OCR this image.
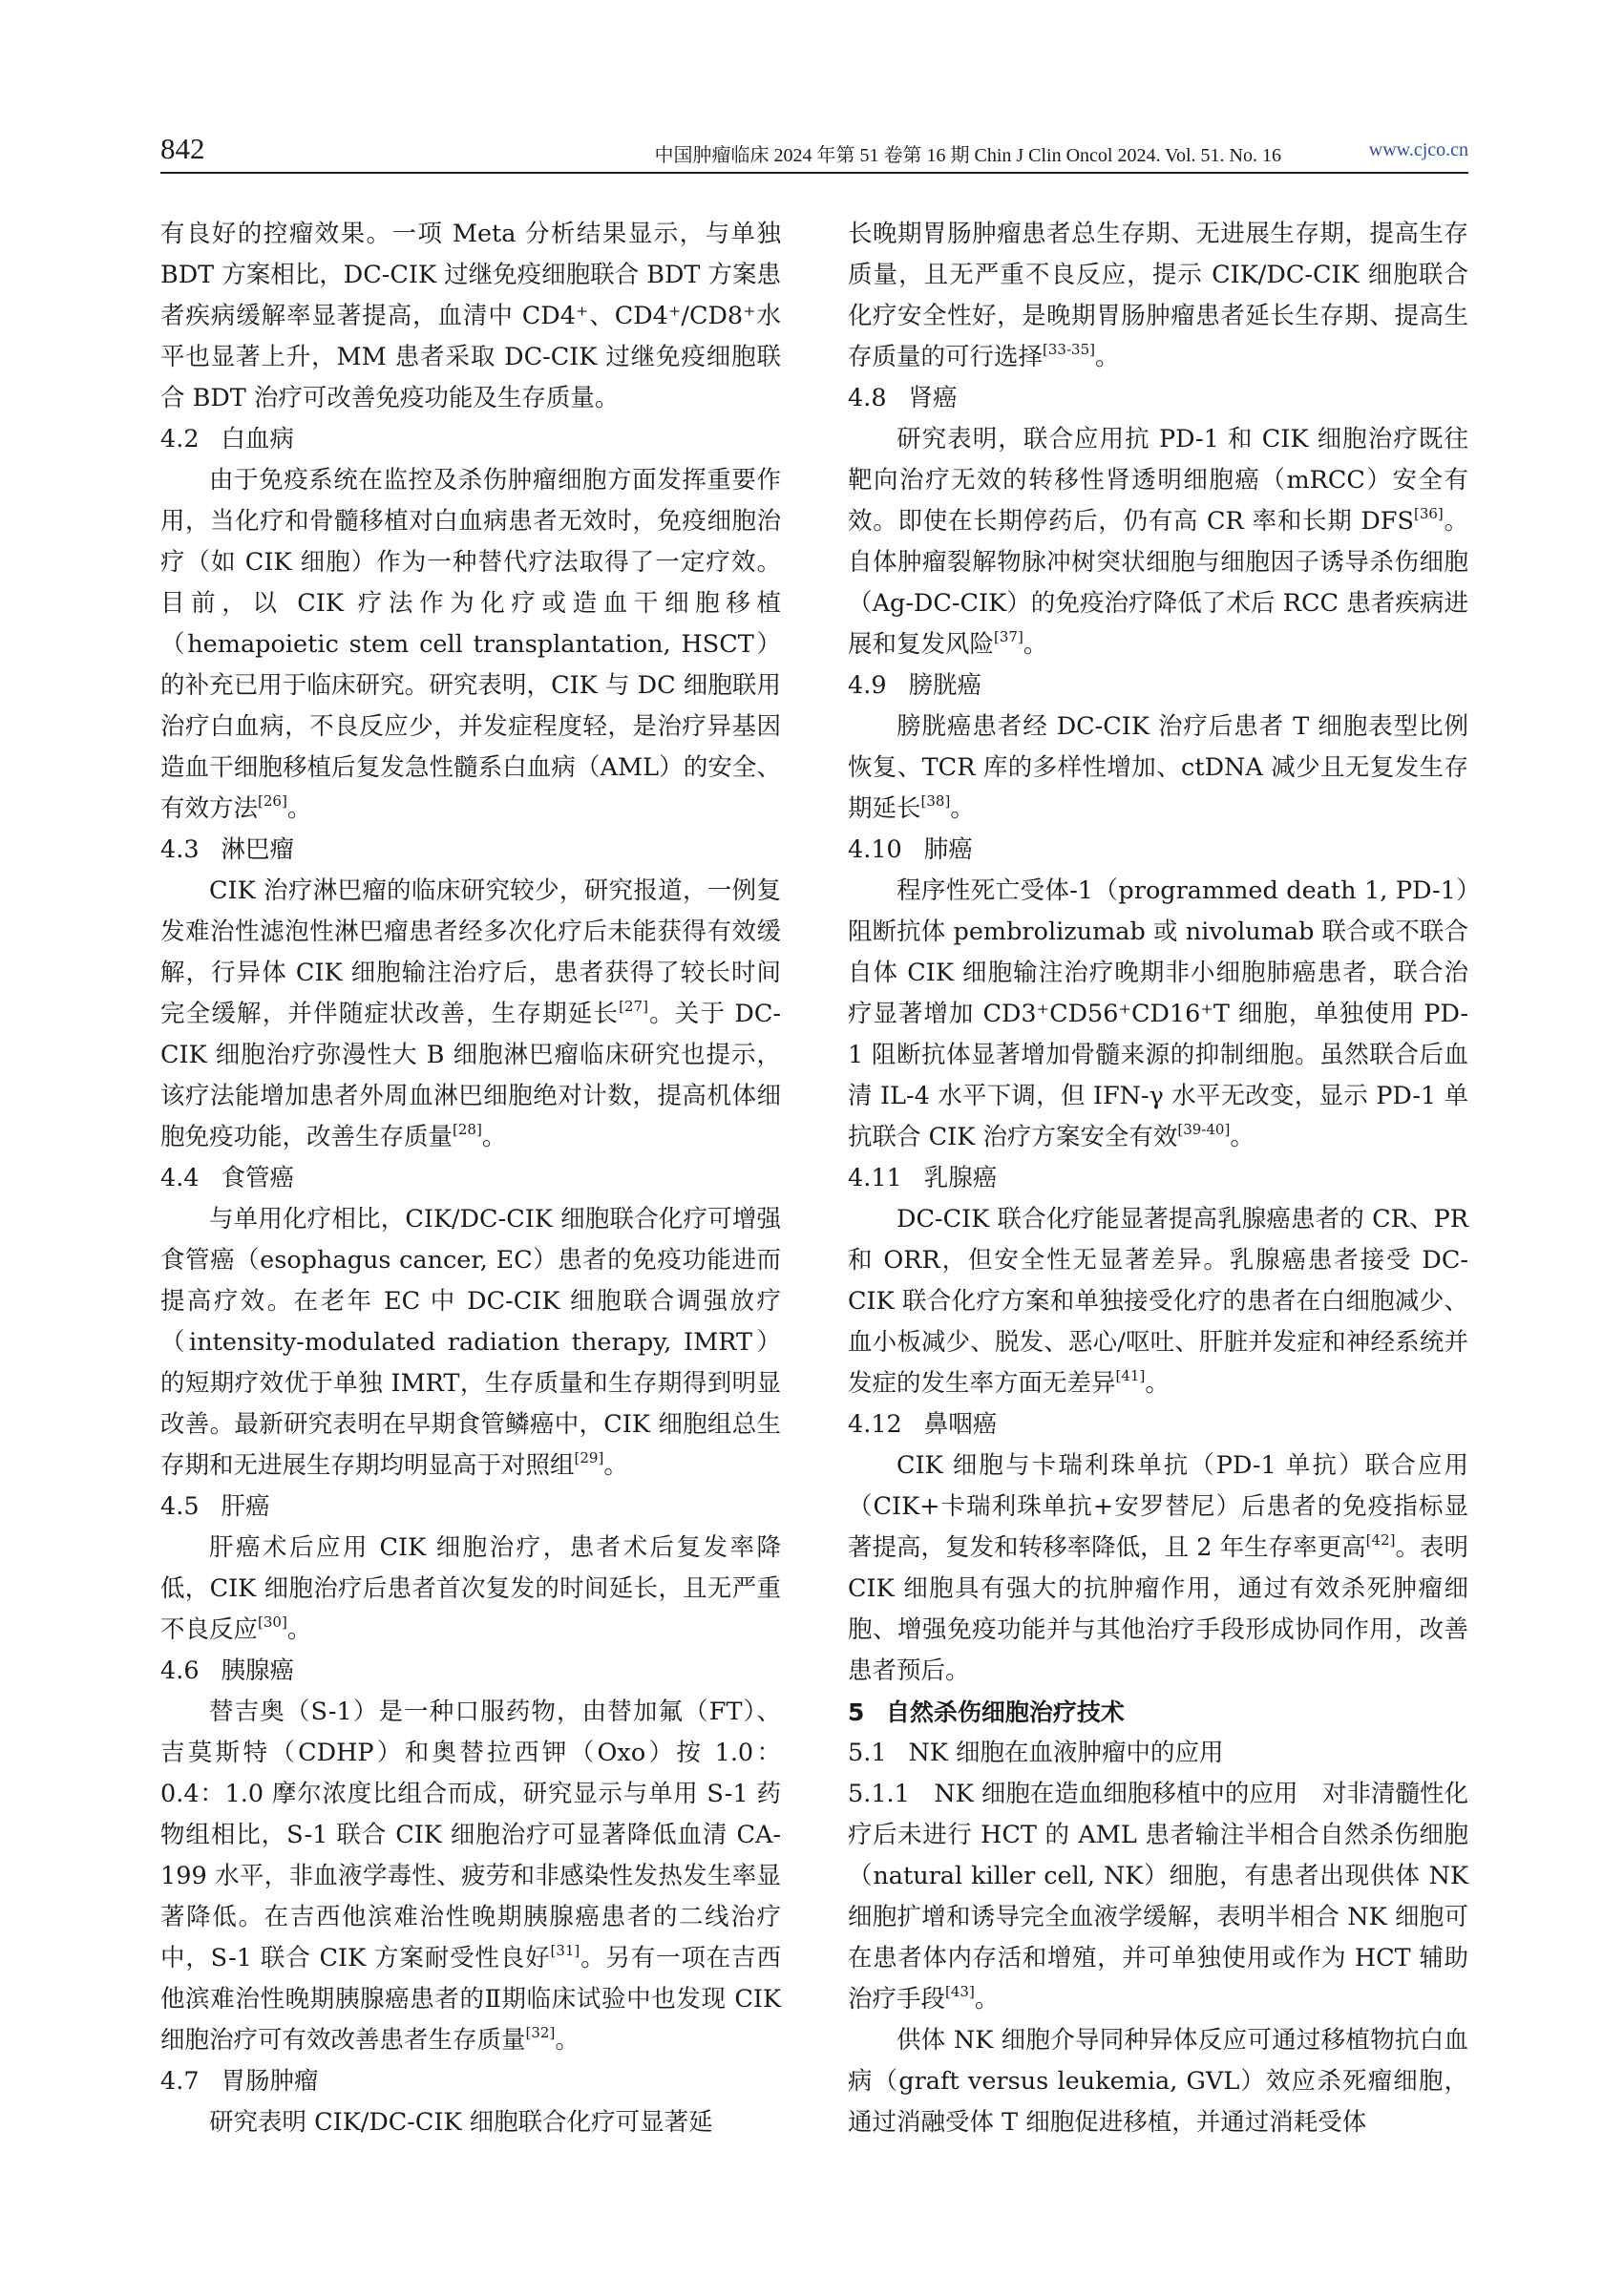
842	中国肿瘤临床 2024 年第 51 卷第 16 期 Chin J Clin Oncol 2024. Vol. 51. No. 16	www.cjco.cn

有良好的控瘤效果。一项 Meta 分析结果显示，与单独 BDT 方案相比，DC-CIK 过继免疫细胞联合 BDT 方案患者疾病缓解率显著提高，血清中 CD4⁺、CD4⁺/CD8⁺水平也显著上升，MM 患者采取 DC-CIK 过继免疫细胞联合 BDT 治疗可改善免疫功能及生存质量。

4.2 白血病

由于免疫系统在监控及杀伤肿瘤细胞方面发挥重要作用，当化疗和骨髓移植对白血病患者无效时，免疫细胞治疗（如 CIK 细胞）作为一种替代疗法取得了一定疗效。目前，以 CIK 疗法作为化疗或造血干细胞移植（hemapoietic stem cell transplantation, HSCT）的补充已用于临床研究。研究表明，CIK 与 DC 细胞联用治疗白血病，不良反应少，并发症程度轻，是治疗异基因造血干细胞移植后复发急性髓系白血病（AML）的安全、有效方法[26]。

4.3 淋巴瘤

CIK 治疗淋巴瘤的临床研究较少，研究报道，一例复发难治性滤泡性淋巴瘤患者经多次化疗后未能获得有效缓解，行异体 CIK 细胞输注治疗后，患者获得了较长时间完全缓解，并伴随症状改善，生存期延长[27]。关于 DC-CIK 细胞治疗弥漫性大 B 细胞淋巴瘤临床研究也提示，该疗法能增加患者外周血淋巴细胞绝对计数，提高机体细胞免疫功能，改善生存质量[28]。

4.4 食管癌

与单用化疗相比，CIK/DC-CIK 细胞联合化疗可增强食管癌（esophagus cancer, EC）患者的免疫功能进而提高疗效。在老年 EC 中 DC-CIK 细胞联合调强放疗（intensity-modulated radiation therapy, IMRT）的短期疗效优于单独 IMRT，生存质量和生存期得到明显改善。最新研究表明在早期食管鳞癌中，CIK 细胞组总生存期和无进展生存期均明显高于对照组[29]。

4.5 肝癌

肝癌术后应用 CIK 细胞治疗，患者术后复发率降低，CIK 细胞治疗后患者首次复发的时间延长，且无严重不良反应[30]。

4.6 胰腺癌

替吉奥（S-1）是一种口服药物，由替加氟（FT）、吉莫斯特（CDHP）和奥替拉西钾（Oxo）按 1.0：0.4：1.0 摩尔浓度比组合而成，研究显示与单用 S-1 药物组相比，S-1 联合 CIK 细胞治疗可显著降低血清 CA-199 水平，非血液学毒性、疲劳和非感染性发热发生率显著降低。在吉西他滨难治性晚期胰腺癌患者的二线治疗中，S-1 联合 CIK 方案耐受性良好[31]。另有一项在吉西他滨难治性晚期胰腺癌患者的Ⅱ期临床试验中也发现 CIK 细胞治疗可有效改善患者生存质量[32]。

4.7 胃肠肿瘤

研究表明 CIK/DC-CIK 细胞联合化疗可显著延

长晚期胃肠肿瘤患者总生存期、无进展生存期，提高生存质量，且无严重不良反应，提示 CIK/DC-CIK 细胞联合化疗安全性好，是晚期胃肠肿瘤患者延长生存期、提高生存质量的可行选择[33-35]。

4.8 肾癌

研究表明，联合应用抗 PD-1 和 CIK 细胞治疗既往靶向治疗无效的转移性肾透明细胞癌（mRCC）安全有效。即使在长期停药后，仍有高 CR 率和长期 DFS[36]。自体肿瘤裂解物脉冲树突状细胞与细胞因子诱导杀伤细胞（Ag-DC-CIK）的免疫治疗降低了术后 RCC 患者疾病进展和复发风险[37]。

4.9 膀胱癌

膀胱癌患者经 DC-CIK 治疗后患者 T 细胞表型比例恢复、TCR 库的多样性增加、ctDNA 减少且无复发生存期延长[38]。

4.10 肺癌

程序性死亡受体-1（programmed death 1, PD-1）阻断抗体 pembrolizumab 或 nivolumab 联合或不联合自体 CIK 细胞输注治疗晚期非小细胞肺癌患者，联合治疗显著增加 CD3⁺CD56⁺CD16⁺T 细胞，单独使用 PD-1 阻断抗体显著增加骨髓来源的抑制细胞。虽然联合后血清 IL-4 水平下调，但 IFN-γ 水平无改变，显示 PD-1 单抗联合 CIK 治疗方案安全有效[39-40]。

4.11 乳腺癌

DC-CIK 联合化疗能显著提高乳腺癌患者的 CR、PR 和 ORR，但安全性无显著差异。乳腺癌患者接受 DC-CIK 联合化疗方案和单独接受化疗的患者在白细胞减少、血小板减少、脱发、恶心/呕吐、肝脏并发症和神经系统并发症的发生率方面无差异[41]。

4.12 鼻咽癌

CIK 细胞与卡瑞利珠单抗（PD-1 单抗）联合应用（CIK+卡瑞利珠单抗+安罗替尼）后患者的免疫指标显著提高，复发和转移率降低，且 2 年生存率更高[42]。表明 CIK 细胞具有强大的抗肿瘤作用，通过有效杀死肿瘤细胞、增强免疫功能并与其他治疗手段形成协同作用，改善患者预后。

5 自然杀伤细胞治疗技术
5.1 NK 细胞在血液肿瘤中的应用

5.1.1　NK 细胞在造血细胞移植中的应用　对非清髓性化疗后未进行 HCT 的 AML 患者输注半相合自然杀伤细胞（natural killer cell, NK）细胞，有患者出现供体 NK 细胞扩增和诱导完全血液学缓解，表明半相合 NK 细胞可在患者体内存活和增殖，并可单独使用或作为 HCT 辅助治疗手段[43]。

供体 NK 细胞介导同种异体反应可通过移植物抗白血病（graft versus leukemia, GVL）效应杀死瘤细胞，通过消融受体 T 细胞促进移植，并通过消耗受体
